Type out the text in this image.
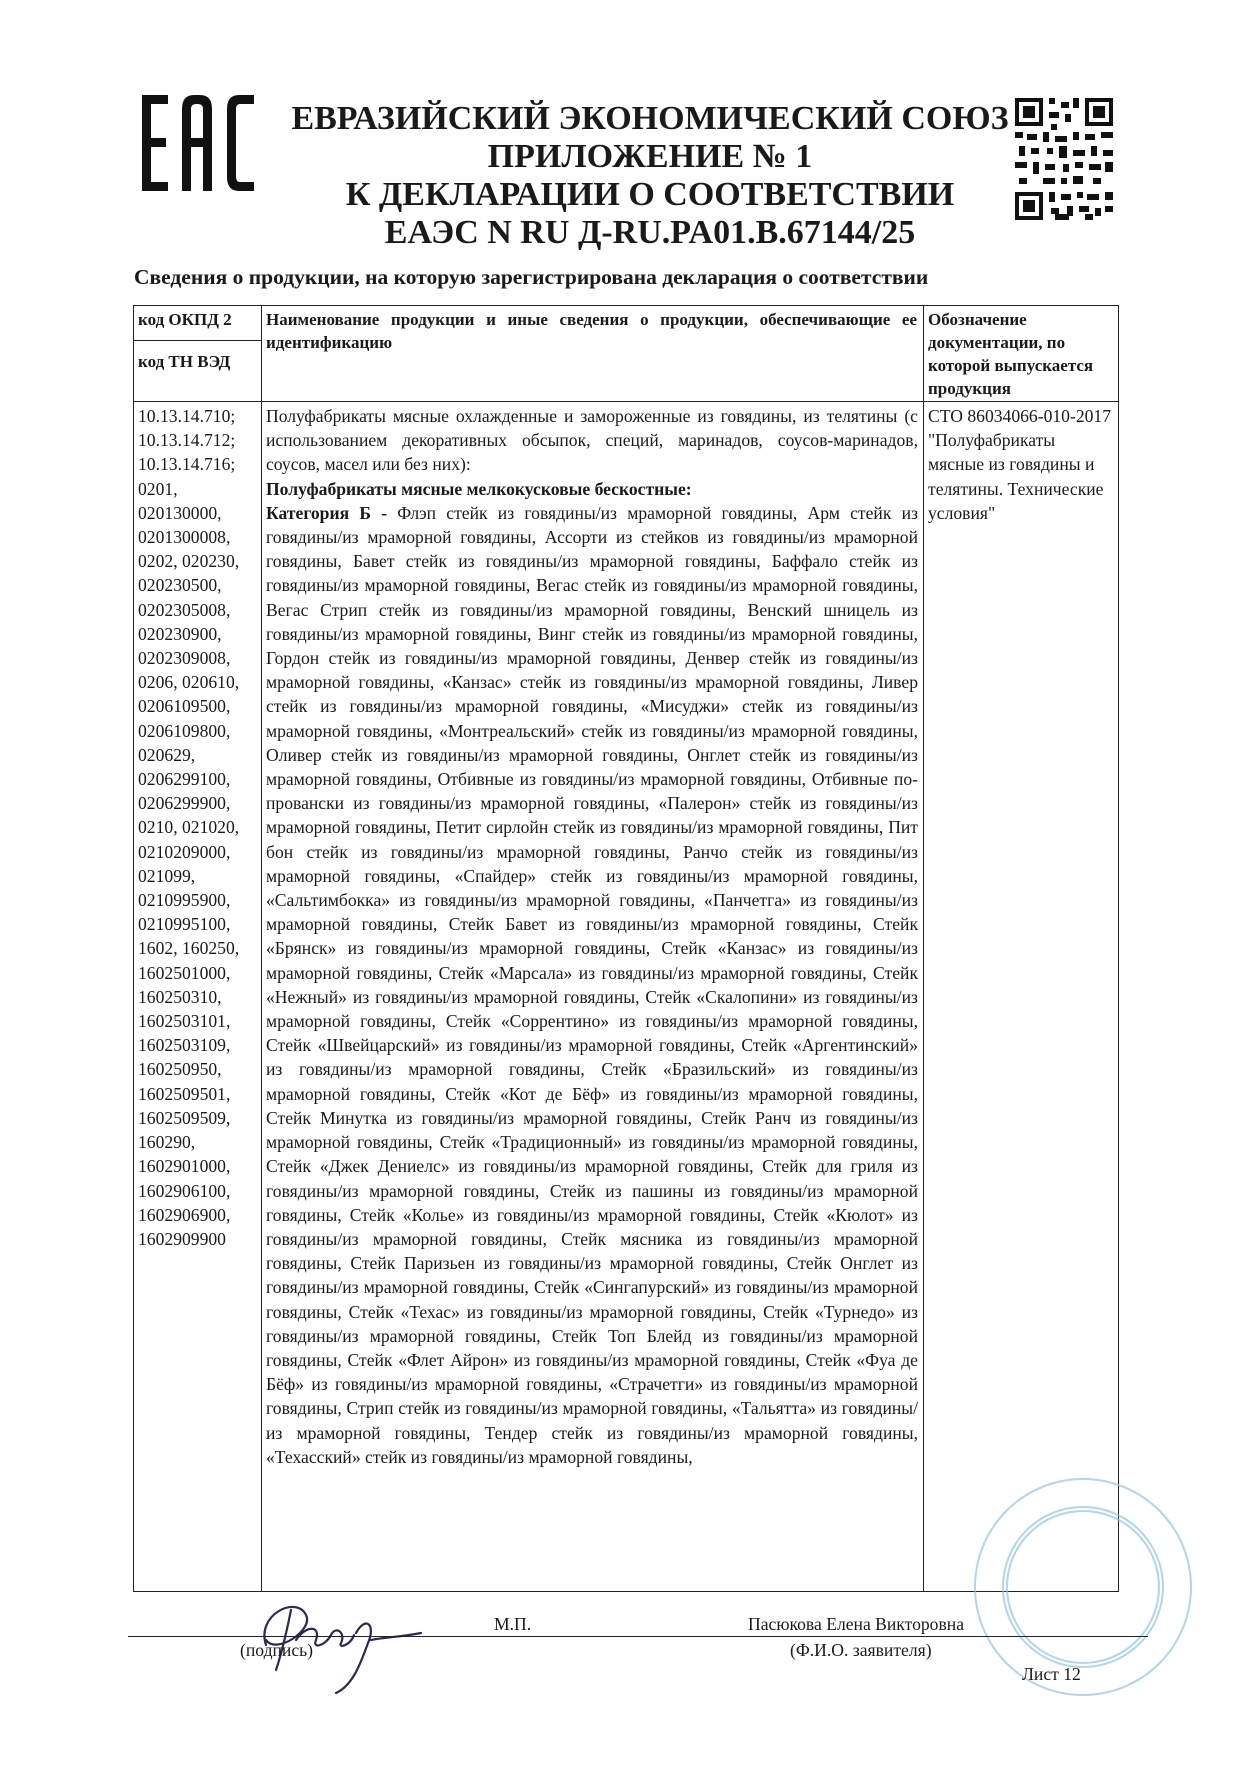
ЕВРАЗИЙСКИЙ ЭКОНОМИЧЕСКИЙ СОЮЗ
ПРИЛОЖЕНИЕ № 1
К ДЕКЛАРАЦИИ О СООТВЕТСТВИИ
ЕАЭС N RU Д-RU.PA01.B.67144/25
Сведения о продукции, на которую зарегистрирована декларация о соответствии
код ОКПД 2
код ТН ВЭД
Наименование продукции и иные сведения о продукции, обеспечивающие ее идентификацию
Обозначение документации, по которой выпускается продукция
10.13.14.710;
10.13.14.712;
10.13.14.716;
0201,
020130000,
0201300008,
0202, 020230,
020230500,
0202305008,
020230900,
0202309008,
0206, 020610,
0206109500,
0206109800,
020629,
0206299100,
0206299900,
0210, 021020,
0210209000,
021099,
0210995900,
0210995100,
1602, 160250,
1602501000,
160250310,
1602503101,
1602503109,
160250950,
1602509501,
1602509509,
160290,
1602901000,
1602906100,
1602906900,
1602909900
Полуфабрикаты мясные охлажденные и замороженные из говядины, из телятины (с использованием декоративных обсыпок, специй, маринадов, соусов-маринадов, соусов, масел или без них):
Полуфабрикаты мясные мелкокусковые бескостные:
Категория Б - Флэп стейк из говядины/из мраморной говядины, Арм стейк из говядины/из мраморной говядины, Ассорти из стейков из говядины/из мраморной говядины, Бавет стейк из говядины/из мраморной говядины, Баффало стейк из говядины/из мраморной говядины, Вегас стейк из говядины/из мраморной говядины, Вегас Стрип стейк из говядины/из мраморной говядины, Венский шницель из говядины/из мраморной говядины, Винг стейк из говядины/из мраморной говядины, Гордон стейк из говядины/из мраморной говядины, Денвер стейк из говядины/из мраморной говядины, «Канзас» стейк из говядины/из мраморной говядины, Ливер стейк из говядины/из мраморной говядины, «Мисуджи» стейк из говядины/из мраморной говядины, «Монтреальский» стейк из говядины/из мраморной говядины, Оливер стейк из говядины/из мраморной говядины, Онглет стейк из говядины/из мраморной говядины, Отбивные из говядины/из мраморной говядины, Отбивные по-провански из говядины/из мраморной говядины, «Палерон» стейк из говядины/из мраморной говядины, Петит сирлойн стейк из говядины/из мраморной говядины, Пит бон стейк из говядины/из мраморной говядины, Ранчо стейк из говядины/из мраморной говядины, «Спайдер» стейк из говядины/из мраморной говядины, «Сальтимбокка» из говядины/из мраморной говядины, «Панчетга» из говядины/из мраморной говядины, Стейк Бавет из говядины/из мраморной говядины, Стейк «Брянск» из говядины/из мраморной говядины, Стейк «Канзас» из говядины/из мраморной говядины, Стейк «Марсала» из говядины/из мраморной говядины, Стейк «Нежный» из говядины/из мраморной говядины, Стейк «Скалопини» из говядины/из мраморной говядины, Стейк «Соррентино» из говядины/из мраморной говядины, Стейк «Швейцарский» из говядины/из мраморной говядины, Стейк «Аргентинский» из говядины/из мраморной говядины, Стейк «Бразильский» из говядины/из мраморной говядины, Стейк «Кот де Бёф» из говядины/из мраморной говядины, Стейк Минутка из говядины/из мраморной говядины, Стейк Ранч из говядины/из мраморной говядины, Стейк «Традиционный» из говядины/из мраморной говядины, Стейк «Джек Дениелс» из говядины/из мраморной говядины, Стейк для гриля из говядины/из мраморной говядины, Стейк из пашины из говядины/из мраморной говядины, Стейк «Колье» из говядины/из мраморной говядины, Стейк «Кюлот» из говядины/из мраморной говядины, Стейк мясника из говядины/из мраморной говядины, Стейк Паризьен из говядины/из мраморной говядины, Стейк Онглет из говядины/из мраморной говядины, Стейк «Сингапурский» из говядины/из мраморной говядины, Стейк «Техас» из говядины/из мраморной говядины, Стейк «Турнедо» из говядины/из мраморной говядины, Стейк Топ Блейд из говядины/из мраморной говядины, Стейк «Флет Айрон» из говядины/из мраморной говядины, Стейк «Фуа де Бёф» из говядины/из мраморной говядины, «Страчетги» из говядины/из мраморной говядины, Стрип стейк из говядины/из мраморной говядины, «Тальятта» из говядины/из мраморной говядины, Тендер стейк из говядины/из мраморной говядины, «Техасский» стейк из говядины/из мраморной говядины,
СТО 86034066-010-2017 "Полуфабрикаты мясные из говядины и телятины. Технические условия"
(подпись)
М.П.	Пасюкова Елена Викторовна
(Ф.И.О. заявителя)
Лист 12
